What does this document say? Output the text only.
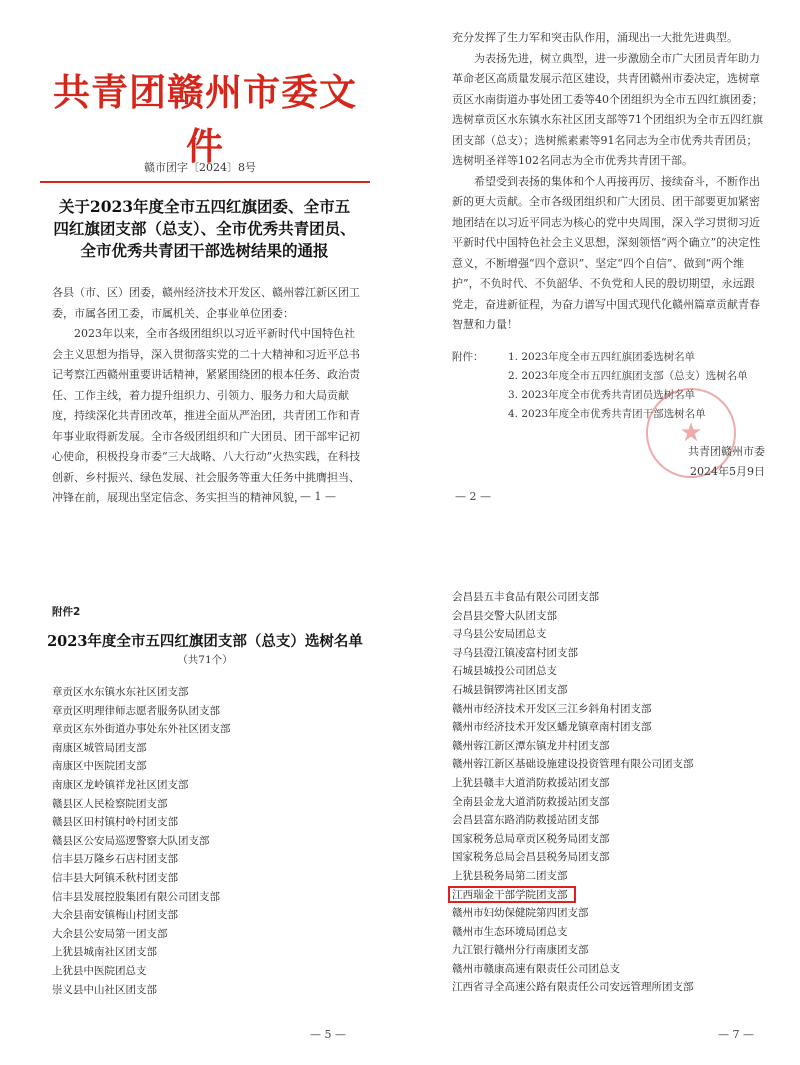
共青团赣州市委文件
赣市团字〔2024〕8号
关于2023年度全市五四红旗团委、全市五四红旗团支部（总支）、全市优秀共青团员、全市优秀共青团干部选树结果的通报

各县（市、区）团委，赣州经济技术开发区、赣州蓉江新区团工委，市属各团工委，市属机关、企事业单位团委：

2023年以来，全市各级团组织以习近平新时代中国特色社会主义思想为指导，深入贯彻落实党的二十大精神和习近平总书记考察江西赣州重要讲话精神，紧紧围绕团的根本任务、政治责任、工作主线，着力提升组织力、引领力、服务力和大局贡献度，持续深化共青团改革，推进全面从严治团，共青团工作和青年事业取得新发展。全市各级团组织和广大团员、团干部牢记初心使命，积极投身市委“三大战略、八大行动”火热实践，在科技创新、乡村振兴、绿色发展、社会服务等重大任务中挑膺担当、冲锋在前，展现出坚定信念、务实担当的精神风貌，

— 1 —

充分发挥了生力军和突击队作用，涌现出一大批先进典型。

为表扬先进，树立典型，进一步激励全市广大团员青年助力革命老区高质量发展示范区建设，共青团赣州市委决定，选树章贡区水南街道办事处团工委等40个团组织为全市五四红旗团委；选树章贡区水东镇水东社区团支部等71个团组织为全市五四红旗团支部（总支）；选树熊素素等91名同志为全市优秀共青团员；选树明圣祥等102名同志为全市优秀共青团干部。

希望受到表扬的集体和个人再接再厉、接续奋斗，不断作出新的更大贡献。全市各级团组织和广大团员、团干部要更加紧密地团结在以习近平同志为核心的党中央周围，深入学习贯彻习近平新时代中国特色社会主义思想，深刻领悟“两个确立”的决定性意义，不断增强“四个意识”、坚定“四个自信”、做到“两个维护”，不负时代、不负韶华、不负党和人民的殷切期望，永远跟党走，奋进新征程，为奋力谱写中国式现代化赣州篇章贡献青春智慧和力量！

附件：	1. 2023年度全市五四红旗团委选树名单
2. 2023年度全市五四红旗团支部（总支）选树名单
3. 2023年度全市优秀共青团员选树名单
4. 2023年度全市优秀共青团干部选树名单
★
共青团赣州市委
2024年5月9日
— 2 —
附件2
2023年度全市五四红旗团支部（总支）选树名单
（共71个）
章贡区水东镇水东社区团支部
章贡区明理律师志愿者服务队团支部
章贡区东外街道办事处东外社区团支部
南康区城管局团支部
南康区中医院团支部
南康区龙岭镇祥龙社区团支部
赣县区人民检察院团支部
赣县区田村镇村岭村团支部
赣县区公安局巡逻警察大队团支部
信丰县万隆乡石店村团支部
信丰县大阿镇禾秋村团支部
信丰县发展控股集团有限公司团支部
大余县南安镇梅山村团支部
大余县公安局第一团支部
上犹县城南社区团支部
上犹县中医院团总支
崇义县中山社区团支部
— 5 —
会昌县五丰食品有限公司团支部
会昌县交警大队团支部
寻乌县公安局团总支
寻乌县澄江镇凌富村团支部
石城县城投公司团总支
石城县铜锣湾社区团支部
赣州市经济技术开发区三江乡斜角村团支部
赣州市经济技术开发区蟠龙镇章南村团支部
赣州蓉江新区潭东镇龙井村团支部
赣州蓉江新区基础设施建设投资管理有限公司团支部
上犹县赣丰大道消防救援站团支部
全南县金龙大道消防救援站团支部
会昌县富东路消防救援站团支部
国家税务总局章贡区税务局团支部
国家税务总局会昌县税务局团支部
上犹县税务局第二团支部
江西瑞金干部学院团支部
赣州市妇幼保健院第四团支部
赣州市生态环境局团总支
九江银行赣州分行南康团支部
赣州市赣康高速有限责任公司团总支
江西省寻全高速公路有限责任公司安远管理所团支部
— 7 —
